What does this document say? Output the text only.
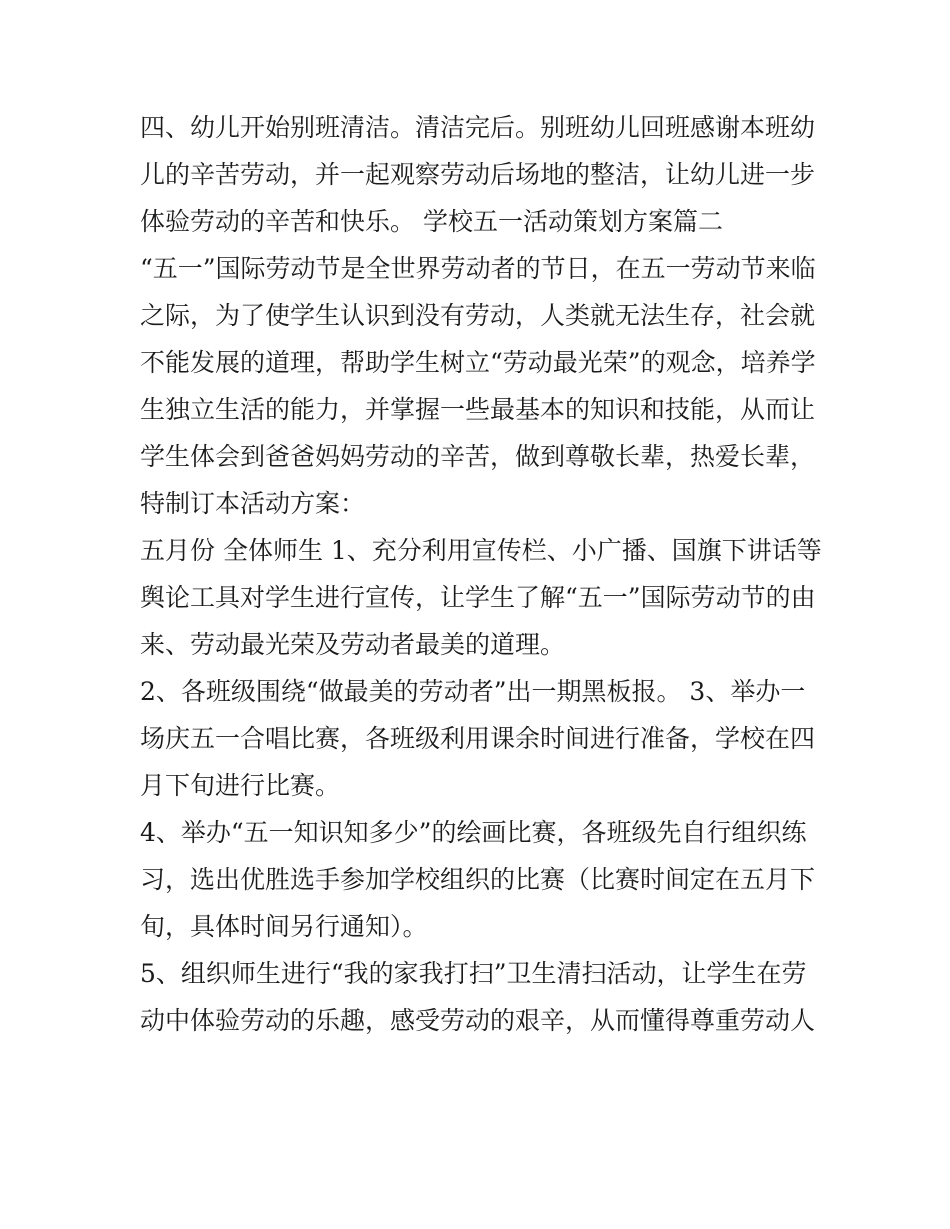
四、幼儿开始别班清洁。清洁完后。别班幼儿回班感谢本班幼

儿的辛苦劳动，并一起观察劳动后场地的整洁，让幼儿进一步

体验劳动的辛苦和快乐。 学校五一活动策划方案篇二

“五一”国际劳动节是全世界劳动者的节日，在五一劳动节来临

之际，为了使学生认识到没有劳动，人类就无法生存，社会就

不能发展的道理，帮助学生树立“劳动最光荣”的观念，培养学

生独立生活的能力，并掌握一些最基本的知识和技能，从而让

学生体会到爸爸妈妈劳动的辛苦，做到尊敬长辈，热爱长辈，

特制订本活动方案：

五月份 全体师生 1、充分利用宣传栏、小广播、国旗下讲话等

舆论工具对学生进行宣传，让学生了解“五一”国际劳动节的由

来、劳动最光荣及劳动者最美的道理。

2、各班级围绕“做最美的劳动者”出一期黑板报。 3、举办一

场庆五一合唱比赛，各班级利用课余时间进行准备，学校在四

月下旬进行比赛。

4、举办“五一知识知多少”的绘画比赛，各班级先自行组织练

习，选出优胜选手参加学校组织的比赛（比赛时间定在五月下

旬，具体时间另行通知）。

5、组织师生进行“我的家我打扫”卫生清扫活动，让学生在劳

动中体验劳动的乐趣，感受劳动的艰辛，从而懂得尊重劳动人
